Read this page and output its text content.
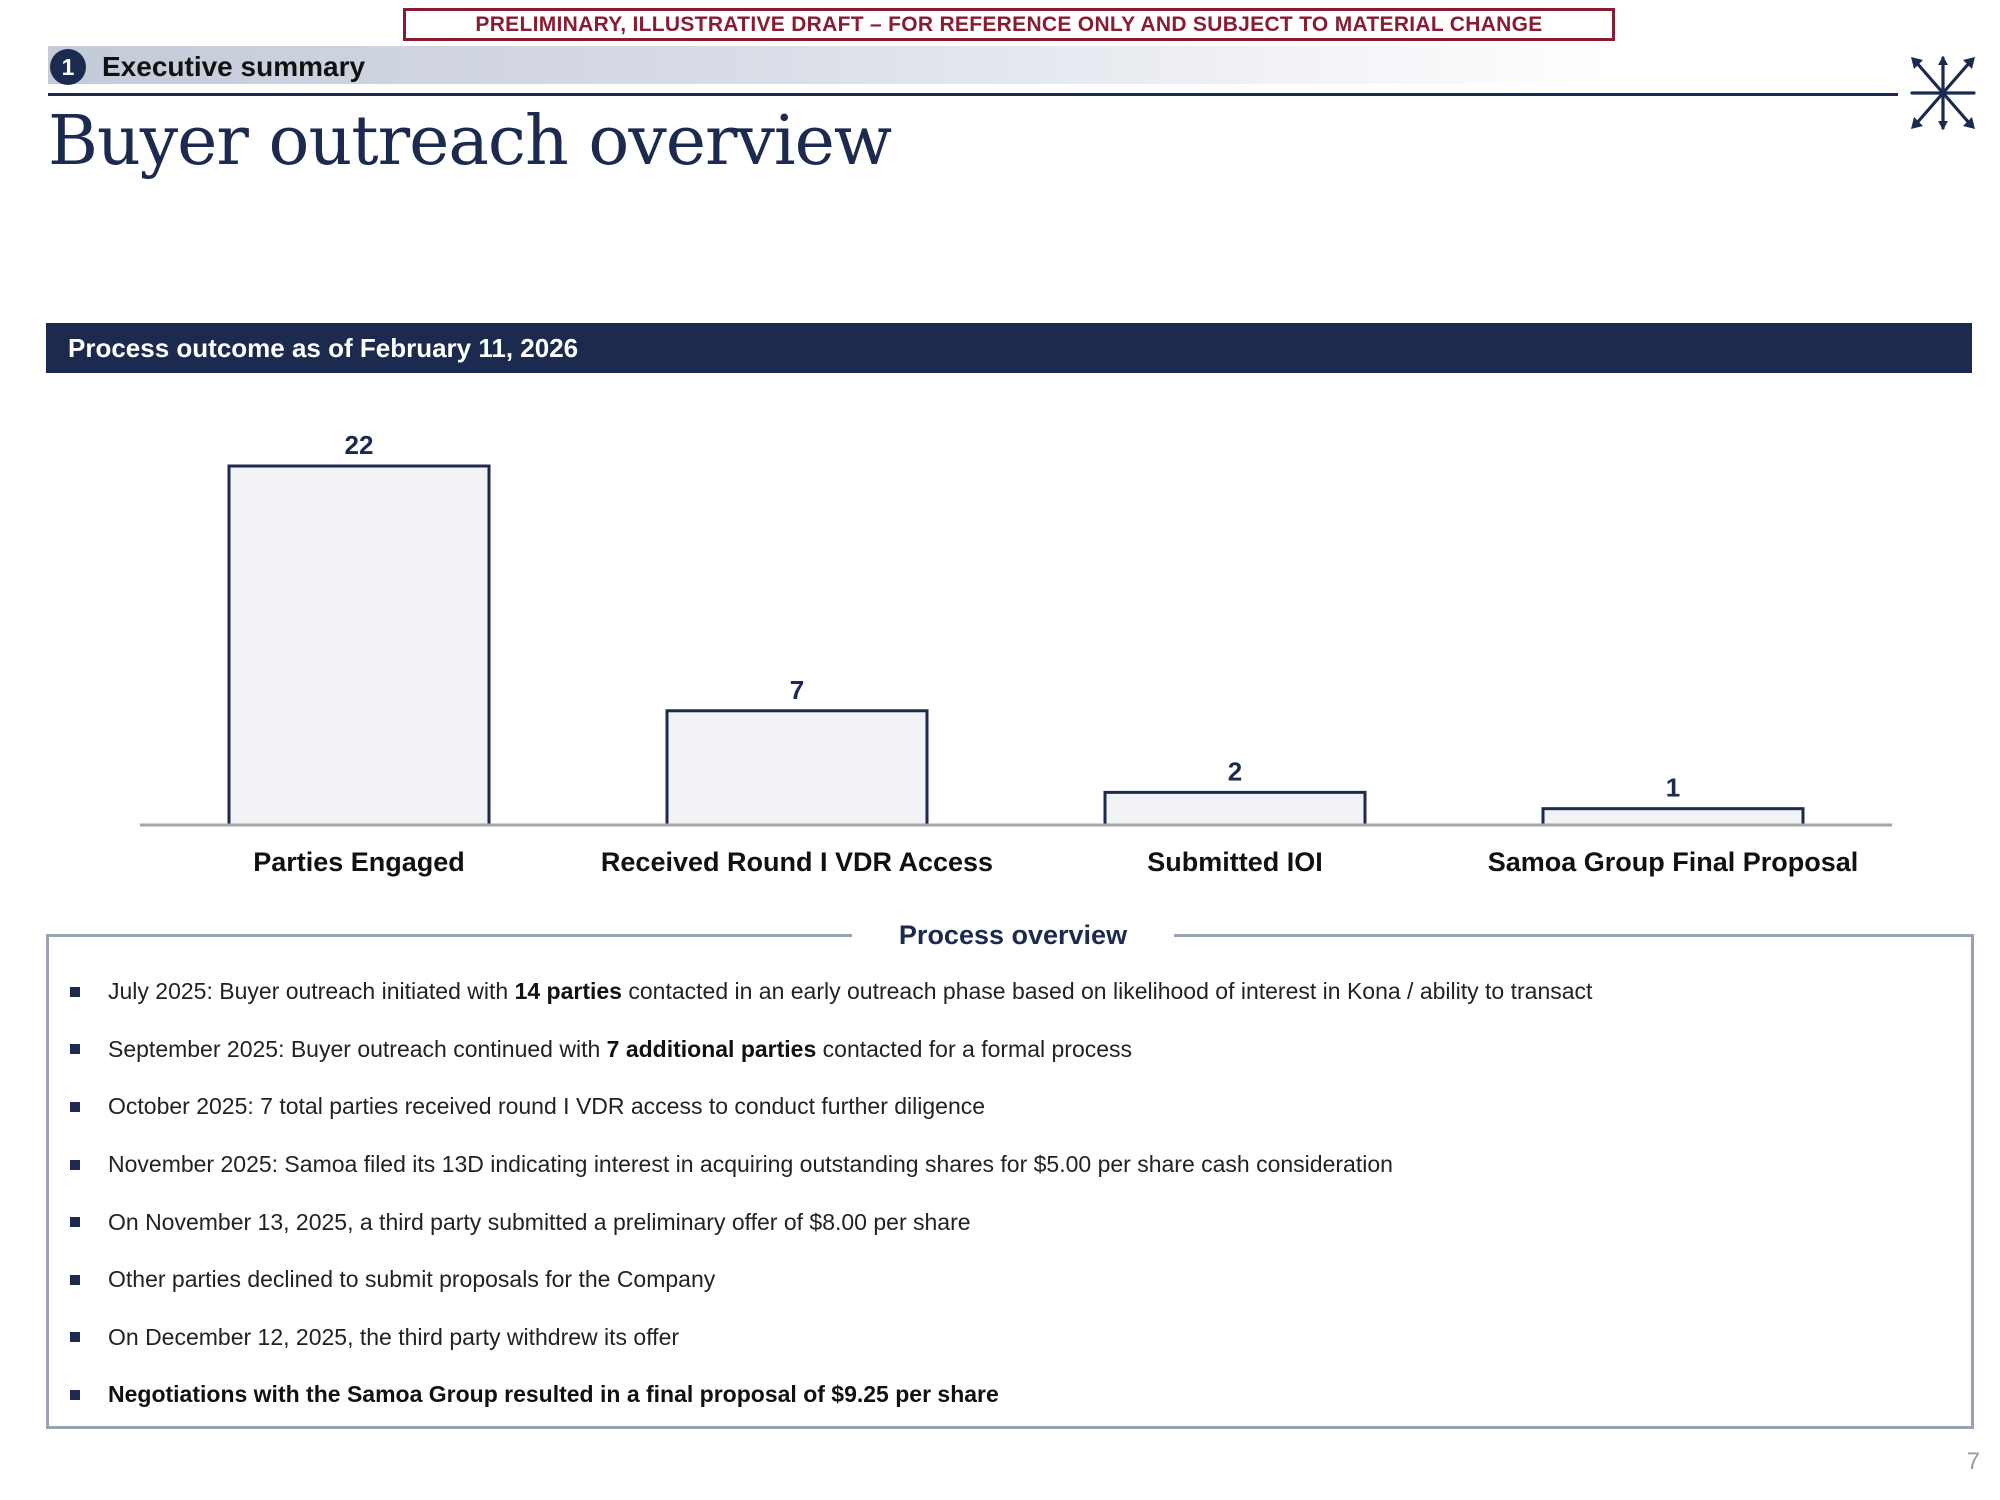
PRELIMINARY, ILLUSTRATIVE DRAFT – FOR REFERENCE ONLY AND SUBJECT TO MATERIAL CHANGE
1 Executive summary
Buyer outreach overview
Process outcome as of February 11, 2026
22
Parties Engaged
7
Received Round I VDR Access
2
Submitted IOI
1
Samoa Group Final Proposal
Process overview
July 2025: Buyer outreach initiated with 14 parties contacted in an early outreach phase based on likelihood of interest in Kona / ability to transact
September 2025: Buyer outreach continued with 7 additional parties contacted for a formal process
October 2025: 7 total parties received round I VDR access to conduct further diligence
November 2025: Samoa filed its 13D indicating interest in acquiring outstanding shares for $5.00 per share cash consideration
On November 13, 2025, a third party submitted a preliminary offer of $8.00 per share
Other parties declined to submit proposals for the Company
On December 12, 2025, the third party withdrew its offer
Negotiations with the Samoa Group resulted in a final proposal of $9.25 per share
7
